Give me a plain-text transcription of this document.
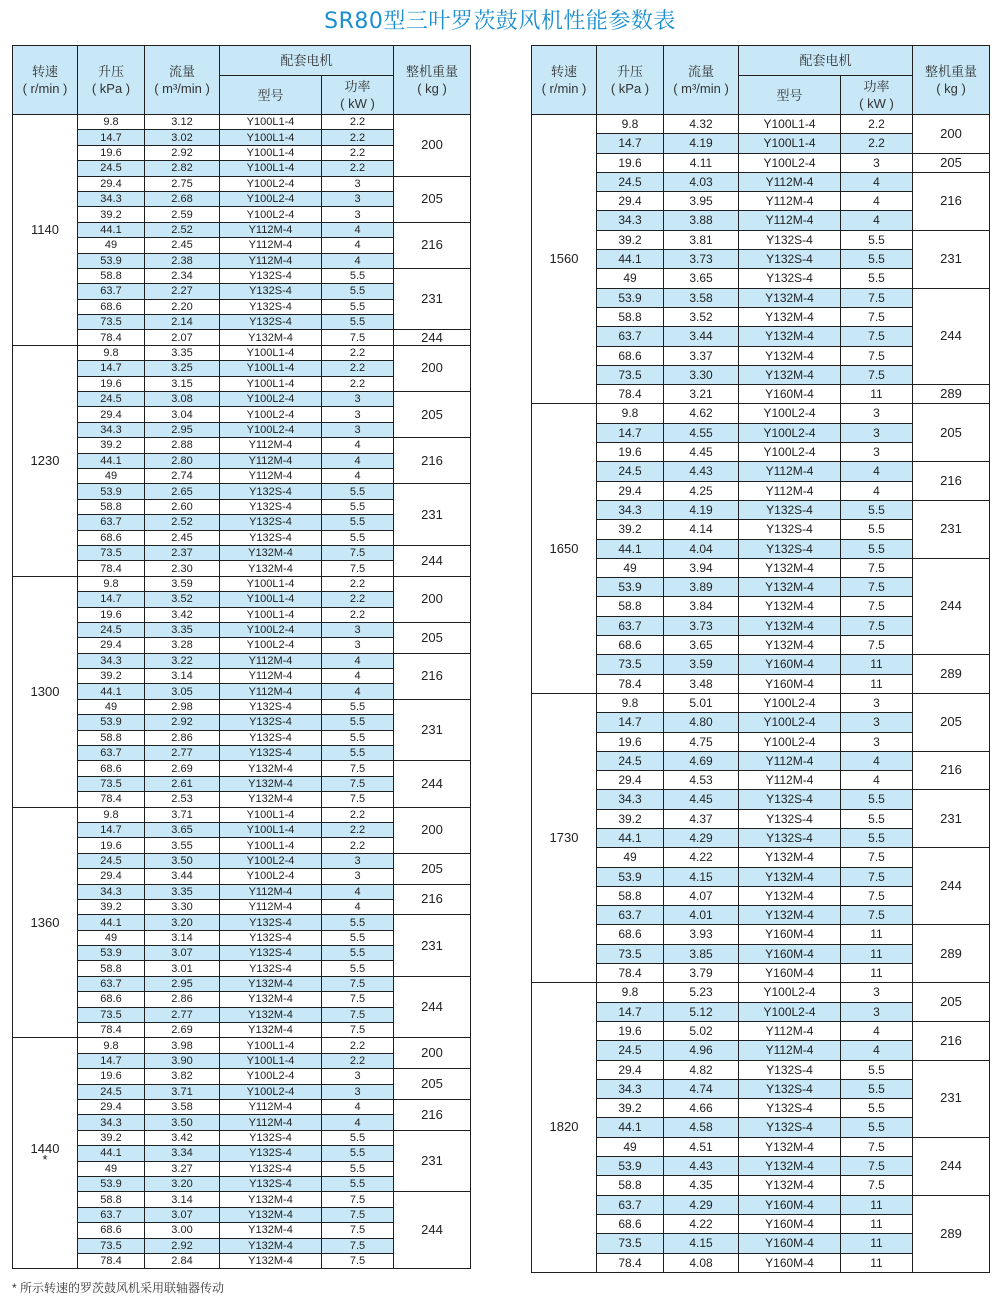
SR80型三叶罗茨鼓风机性能参数表
转速
( r/min )	升压
( kPa )	流量
( m³/min )	配套电机		整机重量
( kg )

			型号	功率
( kW )	

1140	9.8	3.12	Y100L1-4	2.2	200
	14.7	3.02	Y100L1-4	2.2	
	19.6	2.92	Y100L1-4	2.2	
	24.5	2.82	Y100L1-4	2.2	
	29.4	2.75	Y100L2-4	3	205
	34.3	2.68	Y100L2-4	3	
	39.2	2.59	Y100L2-4	3	
	44.1	2.52	Y112M-4	4	216
	49	2.45	Y112M-4	4	
	53.9	2.38	Y112M-4	4	
	58.8	2.34	Y132S-4	5.5	231
	63.7	2.27	Y132S-4	5.5	
	68.6	2.20	Y132S-4	5.5	
	73.5	2.14	Y132S-4	5.5	
	78.4	2.07	Y132M-4	7.5	244

1230	9.8	3.35	Y100L1-4	2.2	200
	14.7	3.25	Y100L1-4	2.2	
	19.6	3.15	Y100L1-4	2.2	
	24.5	3.08	Y100L2-4	3	205
	29.4	3.04	Y100L2-4	3	
	34.3	2.95	Y100L2-4	3	
	39.2	2.88	Y112M-4	4	216
	44.1	2.80	Y112M-4	4	
	49	2.74	Y112M-4	4	
	53.9	2.65	Y132S-4	5.5	231
	58.8	2.60	Y132S-4	5.5	
	63.7	2.52	Y132S-4	5.5	
	68.6	2.45	Y132S-4	5.5	
	73.5	2.37	Y132M-4	7.5	244
	78.4	2.30	Y132M-4	7.5	

1300	9.8	3.59	Y100L1-4	2.2	200
	14.7	3.52	Y100L1-4	2.2	
	19.6	3.42	Y100L1-4	2.2	
	24.5	3.35	Y100L2-4	3	205
	29.4	3.28	Y100L2-4	3	
	34.3	3.22	Y112M-4	4	216
	39.2	3.14	Y112M-4	4	
	44.1	3.05	Y112M-4	4	
	49	2.98	Y132S-4	5.5	231
	53.9	2.92	Y132S-4	5.5	
	58.8	2.86	Y132S-4	5.5	
	63.7	2.77	Y132S-4	5.5	
	68.6	2.69	Y132M-4	7.5	244
	73.5	2.61	Y132M-4	7.5	
	78.4	2.53	Y132M-4	7.5	

1360	9.8	3.71	Y100L1-4	2.2	200
	14.7	3.65	Y100L1-4	2.2	
	19.6	3.55	Y100L1-4	2.2	
	24.5	3.50	Y100L2-4	3	205
	29.4	3.44	Y100L2-4	3	
	34.3	3.35	Y112M-4	4	216
	39.2	3.30	Y112M-4	4	
	44.1	3.20	Y132S-4	5.5	231
	49	3.14	Y132S-4	5.5	
	53.9	3.07	Y132S-4	5.5	
	58.8	3.01	Y132S-4	5.5	
	63.7	2.95	Y132M-4	7.5	244
	68.6	2.86	Y132M-4	7.5	
	73.5	2.77	Y132M-4	7.5	
	78.4	2.69	Y132M-4	7.5	

1440
*	9.8	3.98	Y100L1-4	2.2	200
	14.7	3.90	Y100L1-4	2.2	
	19.6	3.82	Y100L2-4	3	205
	24.5	3.71	Y100L2-4	3	
	29.4	3.58	Y112M-4	4	216
	34.3	3.50	Y112M-4	4	
	39.2	3.42	Y132S-4	5.5	231
	44.1	3.34	Y132S-4	5.5	
	49	3.27	Y132S-4	5.5	
	53.9	3.20	Y132S-4	5.5	
	58.8	3.14	Y132M-4	7.5	244
	63.7	3.07	Y132M-4	7.5	
	68.6	3.00	Y132M-4	7.5	
	73.5	2.92	Y132M-4	7.5	
	78.4	2.84	Y132M-4	7.5	
转速
( r/min )	升压
( kPa )	流量
( m³/min )	配套电机		整机重量
( kg )

			型号	功率
( kW )	

1560	9.8	4.32	Y100L1-4	2.2	200
	14.7	4.19	Y100L1-4	2.2	
	19.6	4.11	Y100L2-4	3	205
	24.5	4.03	Y112M-4	4	216
	29.4	3.95	Y112M-4	4	
	34.3	3.88	Y112M-4	4	
	39.2	3.81	Y132S-4	5.5	231
	44.1	3.73	Y132S-4	5.5	
	49	3.65	Y132S-4	5.5	
	53.9	3.58	Y132M-4	7.5	244
	58.8	3.52	Y132M-4	7.5	
	63.7	3.44	Y132M-4	7.5	
	68.6	3.37	Y132M-4	7.5	
	73.5	3.30	Y132M-4	7.5	
	78.4	3.21	Y160M-4	11	289

1650	9.8	4.62	Y100L2-4	3	205
	14.7	4.55	Y100L2-4	3	
	19.6	4.45	Y100L2-4	3	
	24.5	4.43	Y112M-4	4	216
	29.4	4.25	Y112M-4	4	
	34.3	4.19	Y132S-4	5.5	231
	39.2	4.14	Y132S-4	5.5	
	44.1	4.04	Y132S-4	5.5	
	49	3.94	Y132M-4	7.5	244
	53.9	3.89	Y132M-4	7.5	
	58.8	3.84	Y132M-4	7.5	
	63.7	3.73	Y132M-4	7.5	
	68.6	3.65	Y132M-4	7.5	
	73.5	3.59	Y160M-4	11	289
	78.4	3.48	Y160M-4	11	

1730	9.8	5.01	Y100L2-4	3	205
	14.7	4.80	Y100L2-4	3	
	19.6	4.75	Y100L2-4	3	
	24.5	4.69	Y112M-4	4	216
	29.4	4.53	Y112M-4	4	
	34.3	4.45	Y132S-4	5.5	231
	39.2	4.37	Y132S-4	5.5	
	44.1	4.29	Y132S-4	5.5	
	49	4.22	Y132M-4	7.5	244
	53.9	4.15	Y132M-4	7.5	
	58.8	4.07	Y132M-4	7.5	
	63.7	4.01	Y132M-4	7.5	
	68.6	3.93	Y160M-4	11	289
	73.5	3.85	Y160M-4	11	
	78.4	3.79	Y160M-4	11	

1820	9.8	5.23	Y100L2-4	3	205
	14.7	5.12	Y100L2-4	3	
	19.6	5.02	Y112M-4	4	216
	24.5	4.96	Y112M-4	4	
	29.4	4.82	Y132S-4	5.5	231
	34.3	4.74	Y132S-4	5.5	
	39.2	4.66	Y132S-4	5.5	
	44.1	4.58	Y132S-4	5.5	
	49	4.51	Y132M-4	7.5	244
	53.9	4.43	Y132M-4	7.5	
	58.8	4.35	Y132M-4	7.5	
	63.7	4.29	Y160M-4	11	289
	68.6	4.22	Y160M-4	11	
	73.5	4.15	Y160M-4	11	
	78.4	4.08	Y160M-4	11	
* 所示转速的罗茨鼓风机采用联轴器传动
